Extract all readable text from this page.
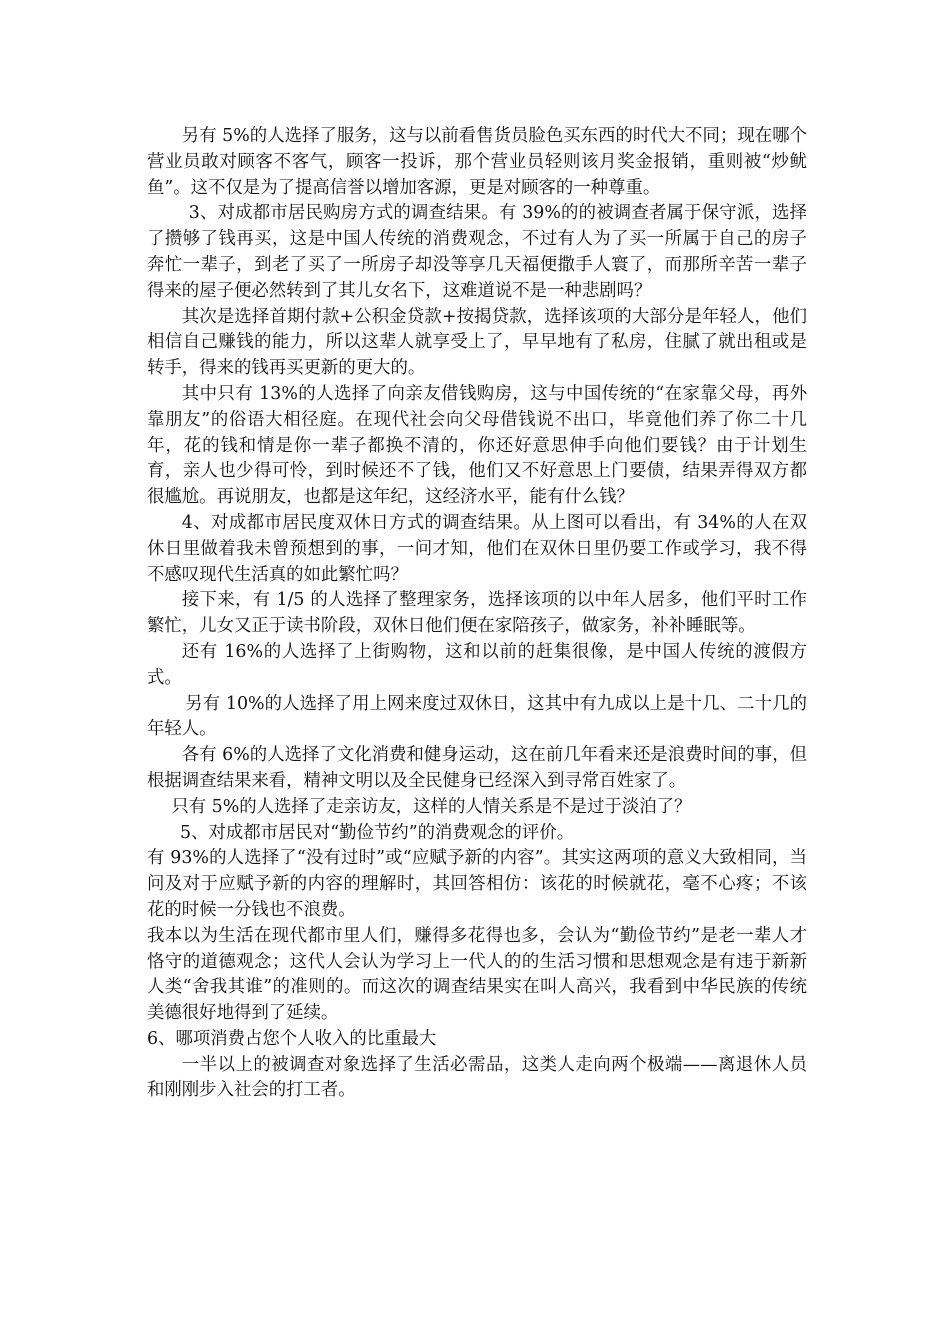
另有 5%的人选择了服务，这与以前看售货员脸色买东西的时代大不同；现在哪个营业员敢对顾客不客气，顾客一投诉，那个营业员轻则该月奖金报销，重则被“炒鱿鱼”。这不仅是为了提高信誉以增加客源，更是对顾客的一种尊重。

3、对成都市居民购房方式的调查结果。有 39%的的被调查者属于保守派，选择了攒够了钱再买，这是中国人传统的消费观念，不过有人为了买一所属于自己的房子奔忙一辈子，到老了买了一所房子却没等享几天福便撒手人寰了，而那所辛苦一辈子得来的屋子便必然转到了其儿女名下，这难道说不是一种悲剧吗？

其次是选择首期付款+公积金贷款+按揭贷款，选择该项的大部分是年轻人，他们相信自己赚钱的能力，所以这辈人就享受上了，早早地有了私房，住腻了就出租或是转手，得来的钱再买更新的更大的。

其中只有 13%的人选择了向亲友借钱购房，这与中国传统的“在家靠父母，再外靠朋友”的俗语大相径庭。在现代社会向父母借钱说不出口，毕竟他们养了你二十几年，花的钱和情是你一辈子都换不清的，你还好意思伸手向他们要钱？由于计划生育，亲人也少得可怜，到时候还不了钱，他们又不好意思上门要债，结果弄得双方都很尴尬。再说朋友，也都是这年纪，这经济水平，能有什么钱？

4、对成都市居民度双休日方式的调查结果。从上图可以看出，有 34%的人在双休日里做着我未曾预想到的事，一问才知，他们在双休日里仍要工作或学习，我不得不感叹现代生活真的如此繁忙吗？

接下来，有 1/5 的人选择了整理家务，选择该项的以中年人居多，他们平时工作繁忙，儿女又正于读书阶段，双休日他们便在家陪孩子，做家务，补补睡眠等。

还有 16%的人选择了上街购物，这和以前的赶集很像，是中国人传统的渡假方式。

另有 10%的人选择了用上网来度过双休日，这其中有九成以上是十几、二十几的年轻人。

各有 6%的人选择了文化消费和健身运动，这在前几年看来还是浪费时间的事，但根据调查结果来看，精神文明以及全民健身已经深入到寻常百姓家了。

只有 5%的人选择了走亲访友，这样的人情关系是不是过于淡泊了？

5、对成都市居民对“勤俭节约”的消费观念的评价。

有 93%的人选择了“没有过时”或“应赋予新的内容”。其实这两项的意义大致相同，当问及对于应赋予新的内容的理解时，其回答相仿：该花的时候就花，毫不心疼；不该花的时候一分钱也不浪费。

我本以为生活在现代都市里人们，赚得多花得也多，会认为“勤俭节约”是老一辈人才恪守的道德观念；这代人会认为学习上一代人的的生活习惯和思想观念是有违于新新人类“舍我其谁”的准则的。而这次的调查结果实在叫人高兴，我看到中华民族的传统美德很好地得到了延续。

6、哪项消费占您个人收入的比重最大

一半以上的被调查对象选择了生活必需品，这类人走向两个极端——离退休人员和刚刚步入社会的打工者。
